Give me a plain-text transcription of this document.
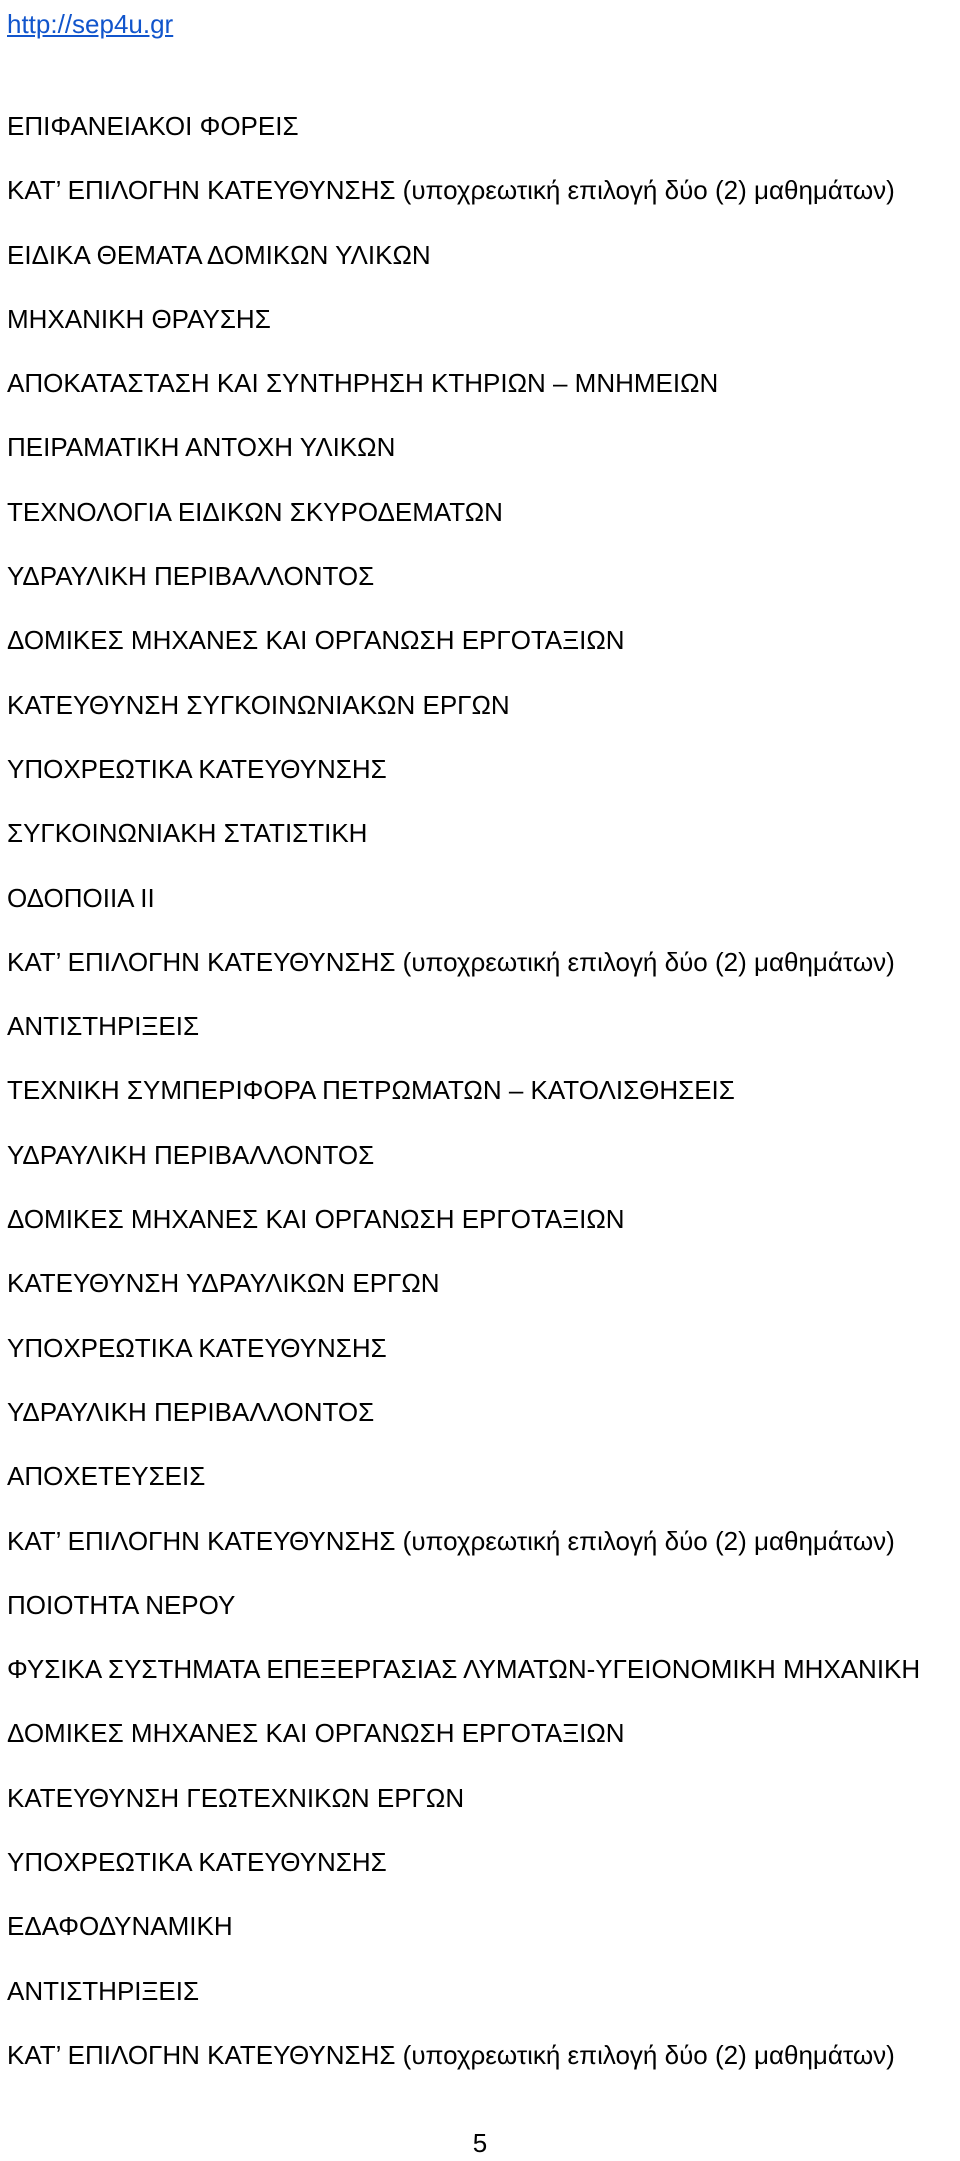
http://sep4u.gr
ΕΠΙΦΑΝΕΙΑΚΟΙ ΦΟΡΕΙΣ
ΚΑΤ’ ΕΠΙΛΟΓΗΝ ΚΑΤΕΥΘΥΝΣΗΣ (υποχρεωτική επιλογή δύο (2) μαθημάτων)
ΕΙΔΙΚΑ ΘΕΜΑΤΑ ΔΟΜΙΚΩΝ ΥΛΙΚΩΝ
ΜΗΧΑΝΙΚΗ ΘΡΑΥΣΗΣ
ΑΠΟΚΑΤΑΣΤΑΣΗ ΚΑΙ ΣΥΝΤΗΡΗΣΗ ΚΤΗΡΙΩΝ – ΜΝΗΜΕΙΩΝ
ΠΕΙΡΑΜΑΤΙΚΗ ΑΝΤΟΧΗ ΥΛΙΚΩΝ
ΤΕΧΝΟΛΟΓΙΑ ΕΙΔΙΚΩΝ ΣΚΥΡΟΔΕΜΑΤΩΝ
ΥΔΡΑΥΛΙΚΗ ΠΕΡΙΒΑΛΛΟΝΤΟΣ
ΔΟΜΙΚΕΣ ΜΗΧΑΝΕΣ ΚΑΙ ΟΡΓΑΝΩΣΗ ΕΡΓΟΤΑΞΙΩΝ
ΚΑΤΕΥΘΥΝΣΗ ΣΥΓΚΟΙΝΩΝΙΑΚΩΝ ΕΡΓΩΝ
ΥΠΟΧΡΕΩΤΙΚΑ ΚΑΤΕΥΘΥΝΣΗΣ
ΣΥΓΚΟΙΝΩΝΙΑΚΗ ΣΤΑΤΙΣΤΙΚΗ
ΟΔΟΠΟΙΙΑ ΙΙ
ΚΑΤ’ ΕΠΙΛΟΓΗΝ ΚΑΤΕΥΘΥΝΣΗΣ (υποχρεωτική επιλογή δύο (2) μαθημάτων)
ΑΝΤΙΣΤΗΡΙΞΕΙΣ
ΤΕΧΝΙΚΗ ΣΥΜΠΕΡΙΦΟΡΑ ΠΕΤΡΩΜΑΤΩΝ – ΚΑΤΟΛΙΣΘΗΣΕΙΣ
ΥΔΡΑΥΛΙΚΗ ΠΕΡΙΒΑΛΛΟΝΤΟΣ
ΔΟΜΙΚΕΣ ΜΗΧΑΝΕΣ ΚΑΙ ΟΡΓΑΝΩΣΗ ΕΡΓΟΤΑΞΙΩΝ
ΚΑΤΕΥΘΥΝΣΗ ΥΔΡΑΥΛΙΚΩΝ ΕΡΓΩΝ
ΥΠΟΧΡΕΩΤΙΚΑ ΚΑΤΕΥΘΥΝΣΗΣ
ΥΔΡΑΥΛΙΚΗ ΠΕΡΙΒΑΛΛΟΝΤΟΣ
ΑΠΟΧΕΤΕΥΣΕΙΣ
ΚΑΤ’ ΕΠΙΛΟΓΗΝ ΚΑΤΕΥΘΥΝΣΗΣ (υποχρεωτική επιλογή δύο (2) μαθημάτων)
ΠΟΙΟΤΗΤΑ ΝΕΡΟΥ
ΦΥΣΙΚΑ ΣΥΣΤΗΜΑΤΑ ΕΠΕΞΕΡΓΑΣΙΑΣ ΛΥΜΑΤΩΝ-ΥΓΕΙΟΝΟΜΙΚΗ ΜΗΧΑΝΙΚΗ
ΔΟΜΙΚΕΣ ΜΗΧΑΝΕΣ ΚΑΙ ΟΡΓΑΝΩΣΗ ΕΡΓΟΤΑΞΙΩΝ
ΚΑΤΕΥΘΥΝΣΗ ΓΕΩΤΕΧΝΙΚΩΝ ΕΡΓΩΝ
ΥΠΟΧΡΕΩΤΙΚΑ ΚΑΤΕΥΘΥΝΣΗΣ
ΕΔΑΦΟΔΥΝΑΜΙΚΗ
ΑΝΤΙΣΤΗΡΙΞΕΙΣ
ΚΑΤ’ ΕΠΙΛΟΓΗΝ ΚΑΤΕΥΘΥΝΣΗΣ (υποχρεωτική επιλογή δύο (2) μαθημάτων)
5
